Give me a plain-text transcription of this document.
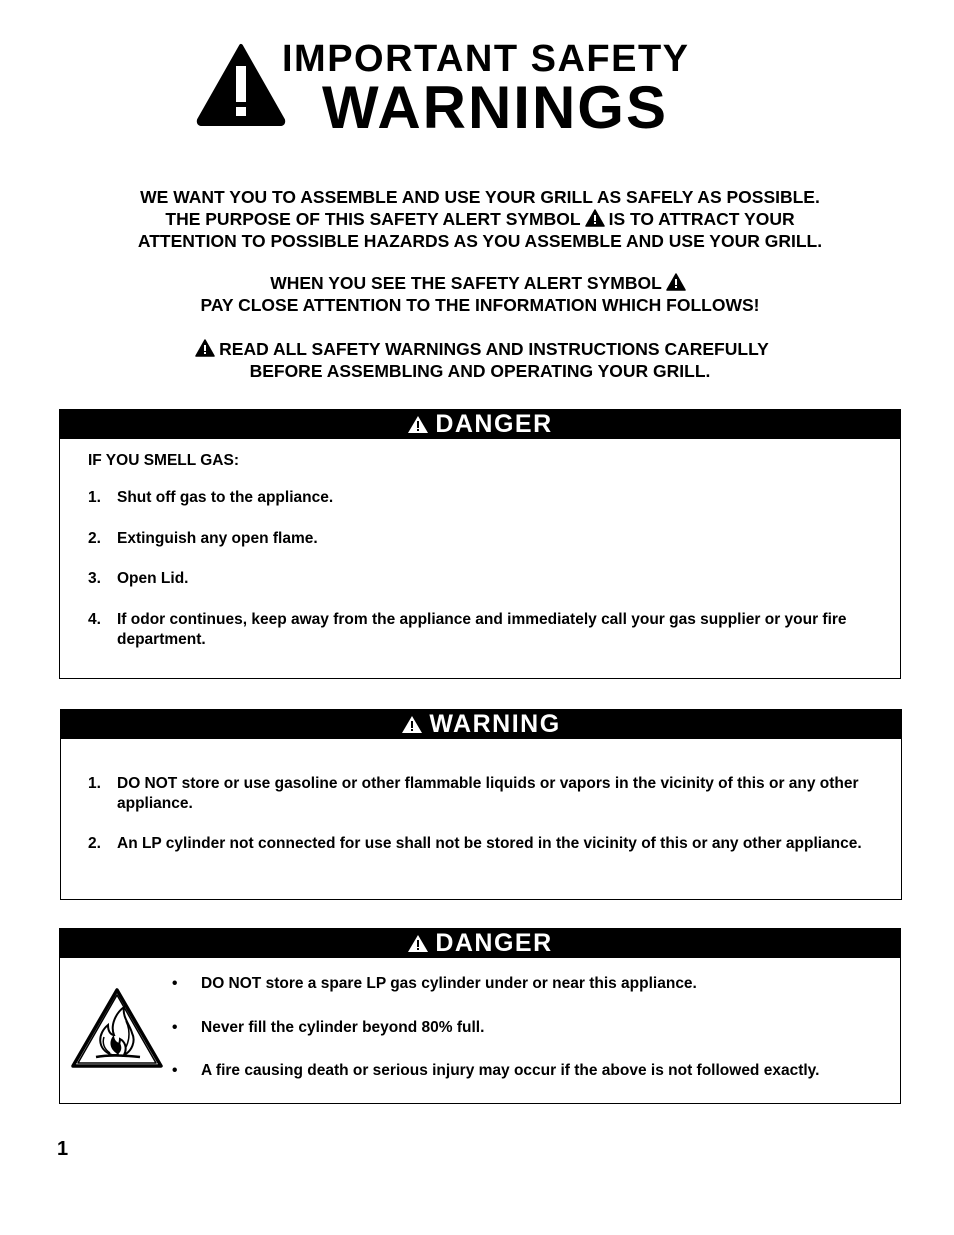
IMPORTANT SAFETY
WARNINGS

WE WANT YOU TO ASSEMBLE AND USE YOUR GRILL AS SAFELY AS POSSIBLE.

THE PURPOSE OF THIS SAFETY ALERT SYMBOL IS TO ATTRACT YOUR

ATTENTION TO POSSIBLE HAZARDS AS YOU ASSEMBLE AND USE YOUR GRILL.

WHEN YOU SEE THE SAFETY ALERT SYMBOL

PAY CLOSE ATTENTION TO THE INFORMATION WHICH FOLLOWS!

READ ALL SAFETY WARNINGS AND INSTRUCTIONS CAREFULLY

BEFORE ASSEMBLING AND OPERATING YOUR GRILL.

DANGER
IF YOU SMELL GAS:
1. Shut off gas to the appliance.
2. Extinguish any open flame.
3. Open Lid.
4. If odor continues, keep away from the appliance and immediately call your gas supplier or your fire department.
WARNING
1. DO NOT store or use gasoline or other flammable liquids or vapors in the vicinity of this or any other appliance.
2. An LP cylinder not connected for use shall not be stored in the vicinity of this or any other appliance.
DANGER
• DO NOT store a spare LP gas cylinder under or near this appliance.
• Never fill the cylinder beyond 80% full.
• A fire causing death or serious injury may occur if the above is not followed exactly.
1
